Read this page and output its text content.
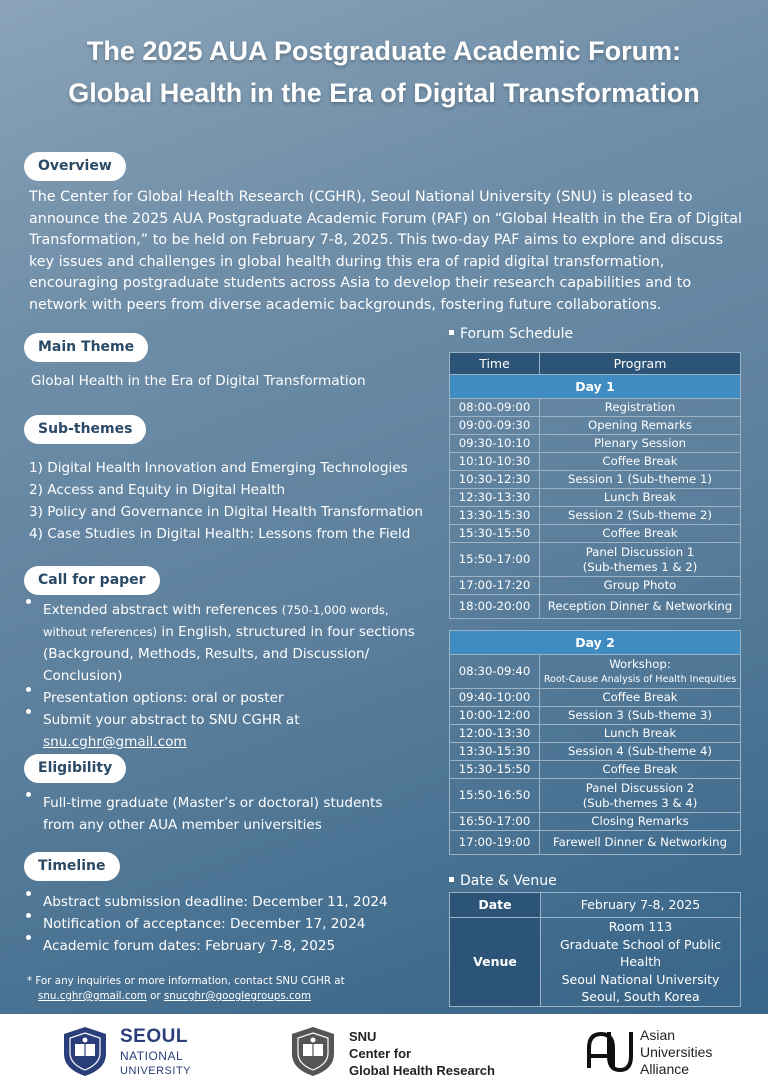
The 2025 AUA Postgraduate Academic Forum:
Global Health in the Era of Digital Transformation
Overview
The Center for Global Health Research (CGHR), Seoul National University (SNU) is pleased to announce the 2025 AUA Postgraduate Academic Forum (PAF) on “Global Health in the Era of Digital Transformation,” to be held on February 7-8, 2025. This two-day PAF aims to explore and discuss key issues and challenges in global health during this era of rapid digital transformation, encouraging postgraduate students across Asia to develop their research capabilities and to network with peers from diverse academic backgrounds, fostering future collaborations.
Main Theme
Global Health in the Era of Digital Transformation
Sub-themes
1) Digital Health Innovation and Emerging Technologies
2) Access and Equity in Digital Health
3) Policy and Governance in Digital Health Transformation
4) Case Studies in Digital Health: Lessons from the Field
Call for paper
Extended abstract with references (750-1,000 words, without references) in English, structured in four sections (Background, Methods, Results, and Discussion/ Conclusion)
Presentation options: oral or poster
Submit your abstract to SNU CGHR at snu.cghr@gmail.com
Eligibility
Full-time graduate (Master’s or doctoral) students
from any other AUA member universities
Timeline
Abstract submission deadline: December 11, 2024
Notification of acceptance: December 17, 2024
Academic forum dates: February 7-8, 2025
* For any inquiries or more information, contact SNU CGHR at
snu.cghr@gmail.com or snucghr@googlegroups.com
Forum Schedule
Time	Program
Day 1	
08:00-09:00	Registration
09:00-09:30	Opening Remarks
09:30-10:10	Plenary Session
10:10-10:30	Coffee Break
10:30-12:30	Session 1 (Sub-theme 1)
12:30-13:30	Lunch Break
13:30-15:30	Session 2 (Sub-theme 2)
15:30-15:50	Coffee Break
15:50-17:00	Panel Discussion 1
(Sub-themes 1 & 2)

17:00-17:20	Group Photo
18:00-20:00	Reception Dinner & Networking

Day 2	
08:30-09:40	Workshop:
Root-Cause Analysis of Health Inequities

09:40-10:00	Coffee Break
10:00-12:00	Session 3 (Sub-theme 3)
12:00-13:30	Lunch Break
13:30-15:30	Session 4 (Sub-theme 4)
15:30-15:50	Coffee Break
15:50-16:50	Panel Discussion 2
(Sub-themes 3 & 4)

16:50-17:00	Closing Remarks
17:00-19:00	Farewell Dinner & Networking
Date & Venue
Date	February 7-8, 2025
Venue	Room 113
Graduate School of Public Health
Seoul National University
Seoul, South Korea
SEOUL
NATIONAL
UNIVERSITY
SNU
Center for
Global Health Research
Asian
Universities
Alliance
